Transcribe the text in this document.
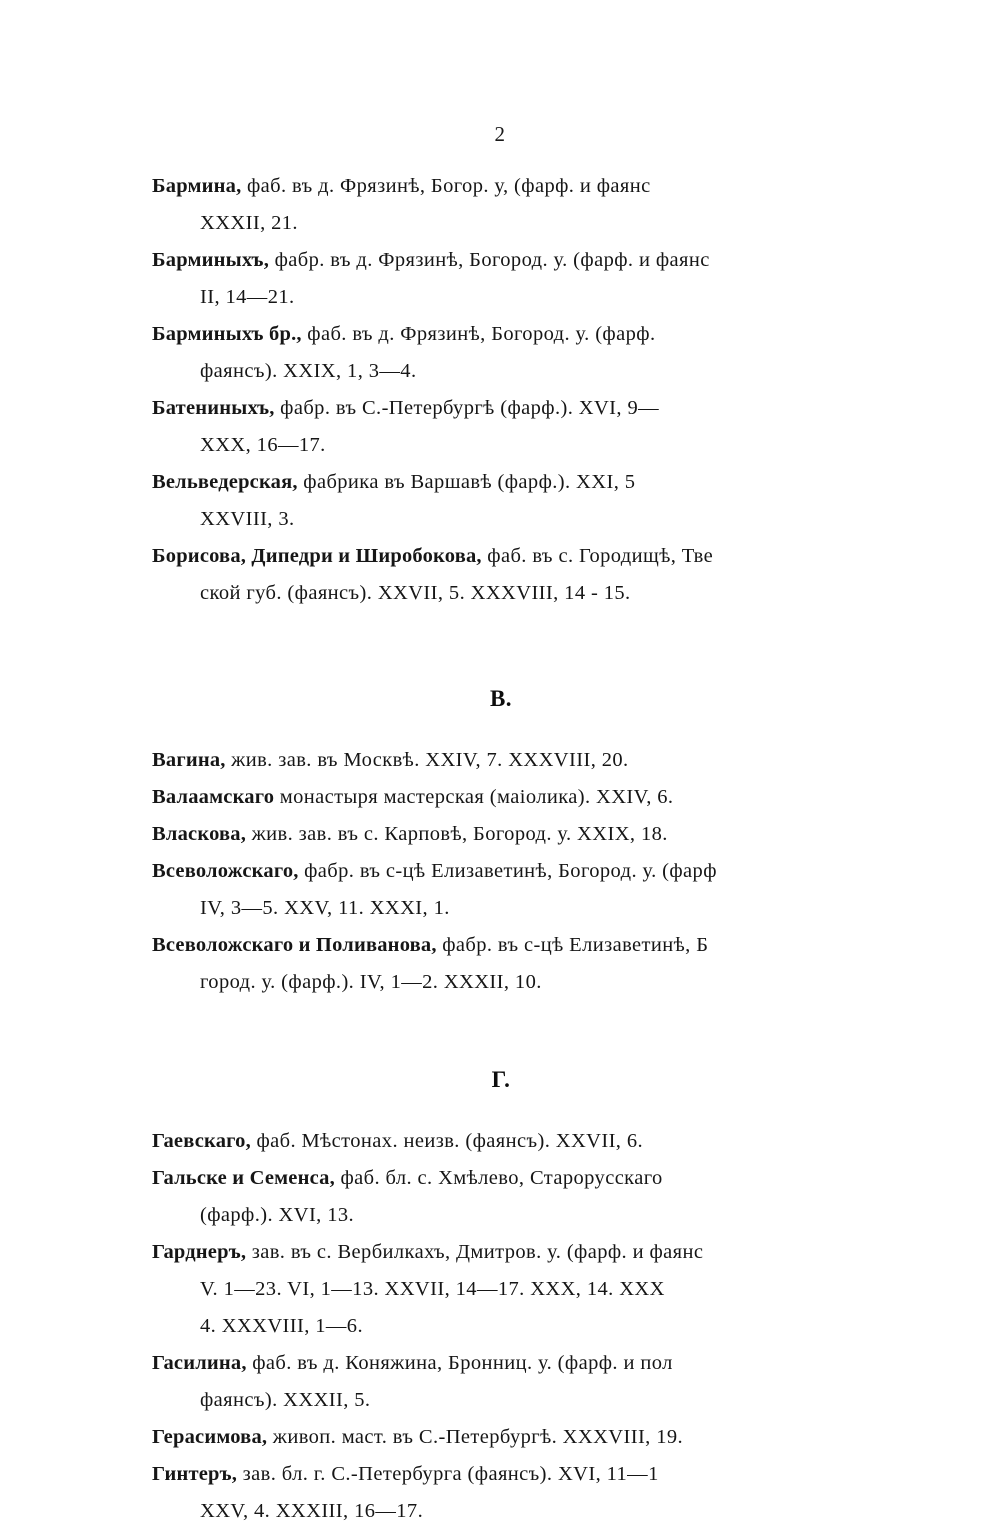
2
Бармина, фаб. въ д. Фрязинѣ, Богор. у, (фарф. и фаянс
XXXII, 21.
Барминыхъ, фабр. въ д. Фрязинѣ, Богород. у. (фарф. и фаянс
II, 14—21.
Барминыхъ бр., фаб. въ д. Фрязинѣ, Богород. у. (фарф.
фаянсъ). XXIX, 1, 3—4.
Батениныхъ, фабр. въ С.-Петербургѣ (фарф.). XVI, 9—
XXX, 16—17.
Вельведерская, фабрика въ Варшавѣ (фарф.). XXI, 5
XXVIII, 3.
Борисова, Дипедри и Широбокова, фаб. въ с. Городищѣ, Тве
ской губ. (фаянсъ). XXVII, 5. XXXVIII, 14 - 15.
В.
Вагина, жив. зав. въ Москвѣ. XXIV, 7. XXXVIII, 20.
Валаамскаго монастыря мастерская (маіолика). XXIV, 6.
Власкова, жив. зав. въ с. Карповѣ, Богород. у. XXIX, 18.
Всеволожскаго, фабр. въ с-цѣ Елизаветинѣ, Богород. у. (фарф
IV, 3—5. XXV, 11. XXXI, 1.
Всеволожскаго и Поливанова, фабр. въ с-цѣ Елизаветинѣ, Б
город. у. (фарф.). IV, 1—2. XXXII, 10.
Г.
Гаевскаго, фаб. Мѣстонах. неизв. (фаянсъ). XXVII, 6.
Гальске и Семенса, фаб. бл. с. Хмѣлево, Старорусскаго
(фарф.). XVI, 13.
Гарднеръ, зав. въ с. Вербилкахъ, Дмитров. у. (фарф. и фаянс
V. 1—23. VI, 1—13. XXVII, 14—17. XXX, 14. XXX
4. XXXVIII, 1—6.
Гасилина, фаб. въ д. Коняжина, Бронниц. у. (фарф. и пол
фаянсъ). XXXII, 5.
Герасимова, живоп. маст. въ С.-Петербургѣ. XXXVIII, 19.
Гинтеръ, зав. бл. г. С.-Петербурга (фаянсъ). XVI, 11—1
XXV, 4. XXXIII, 16—17.
